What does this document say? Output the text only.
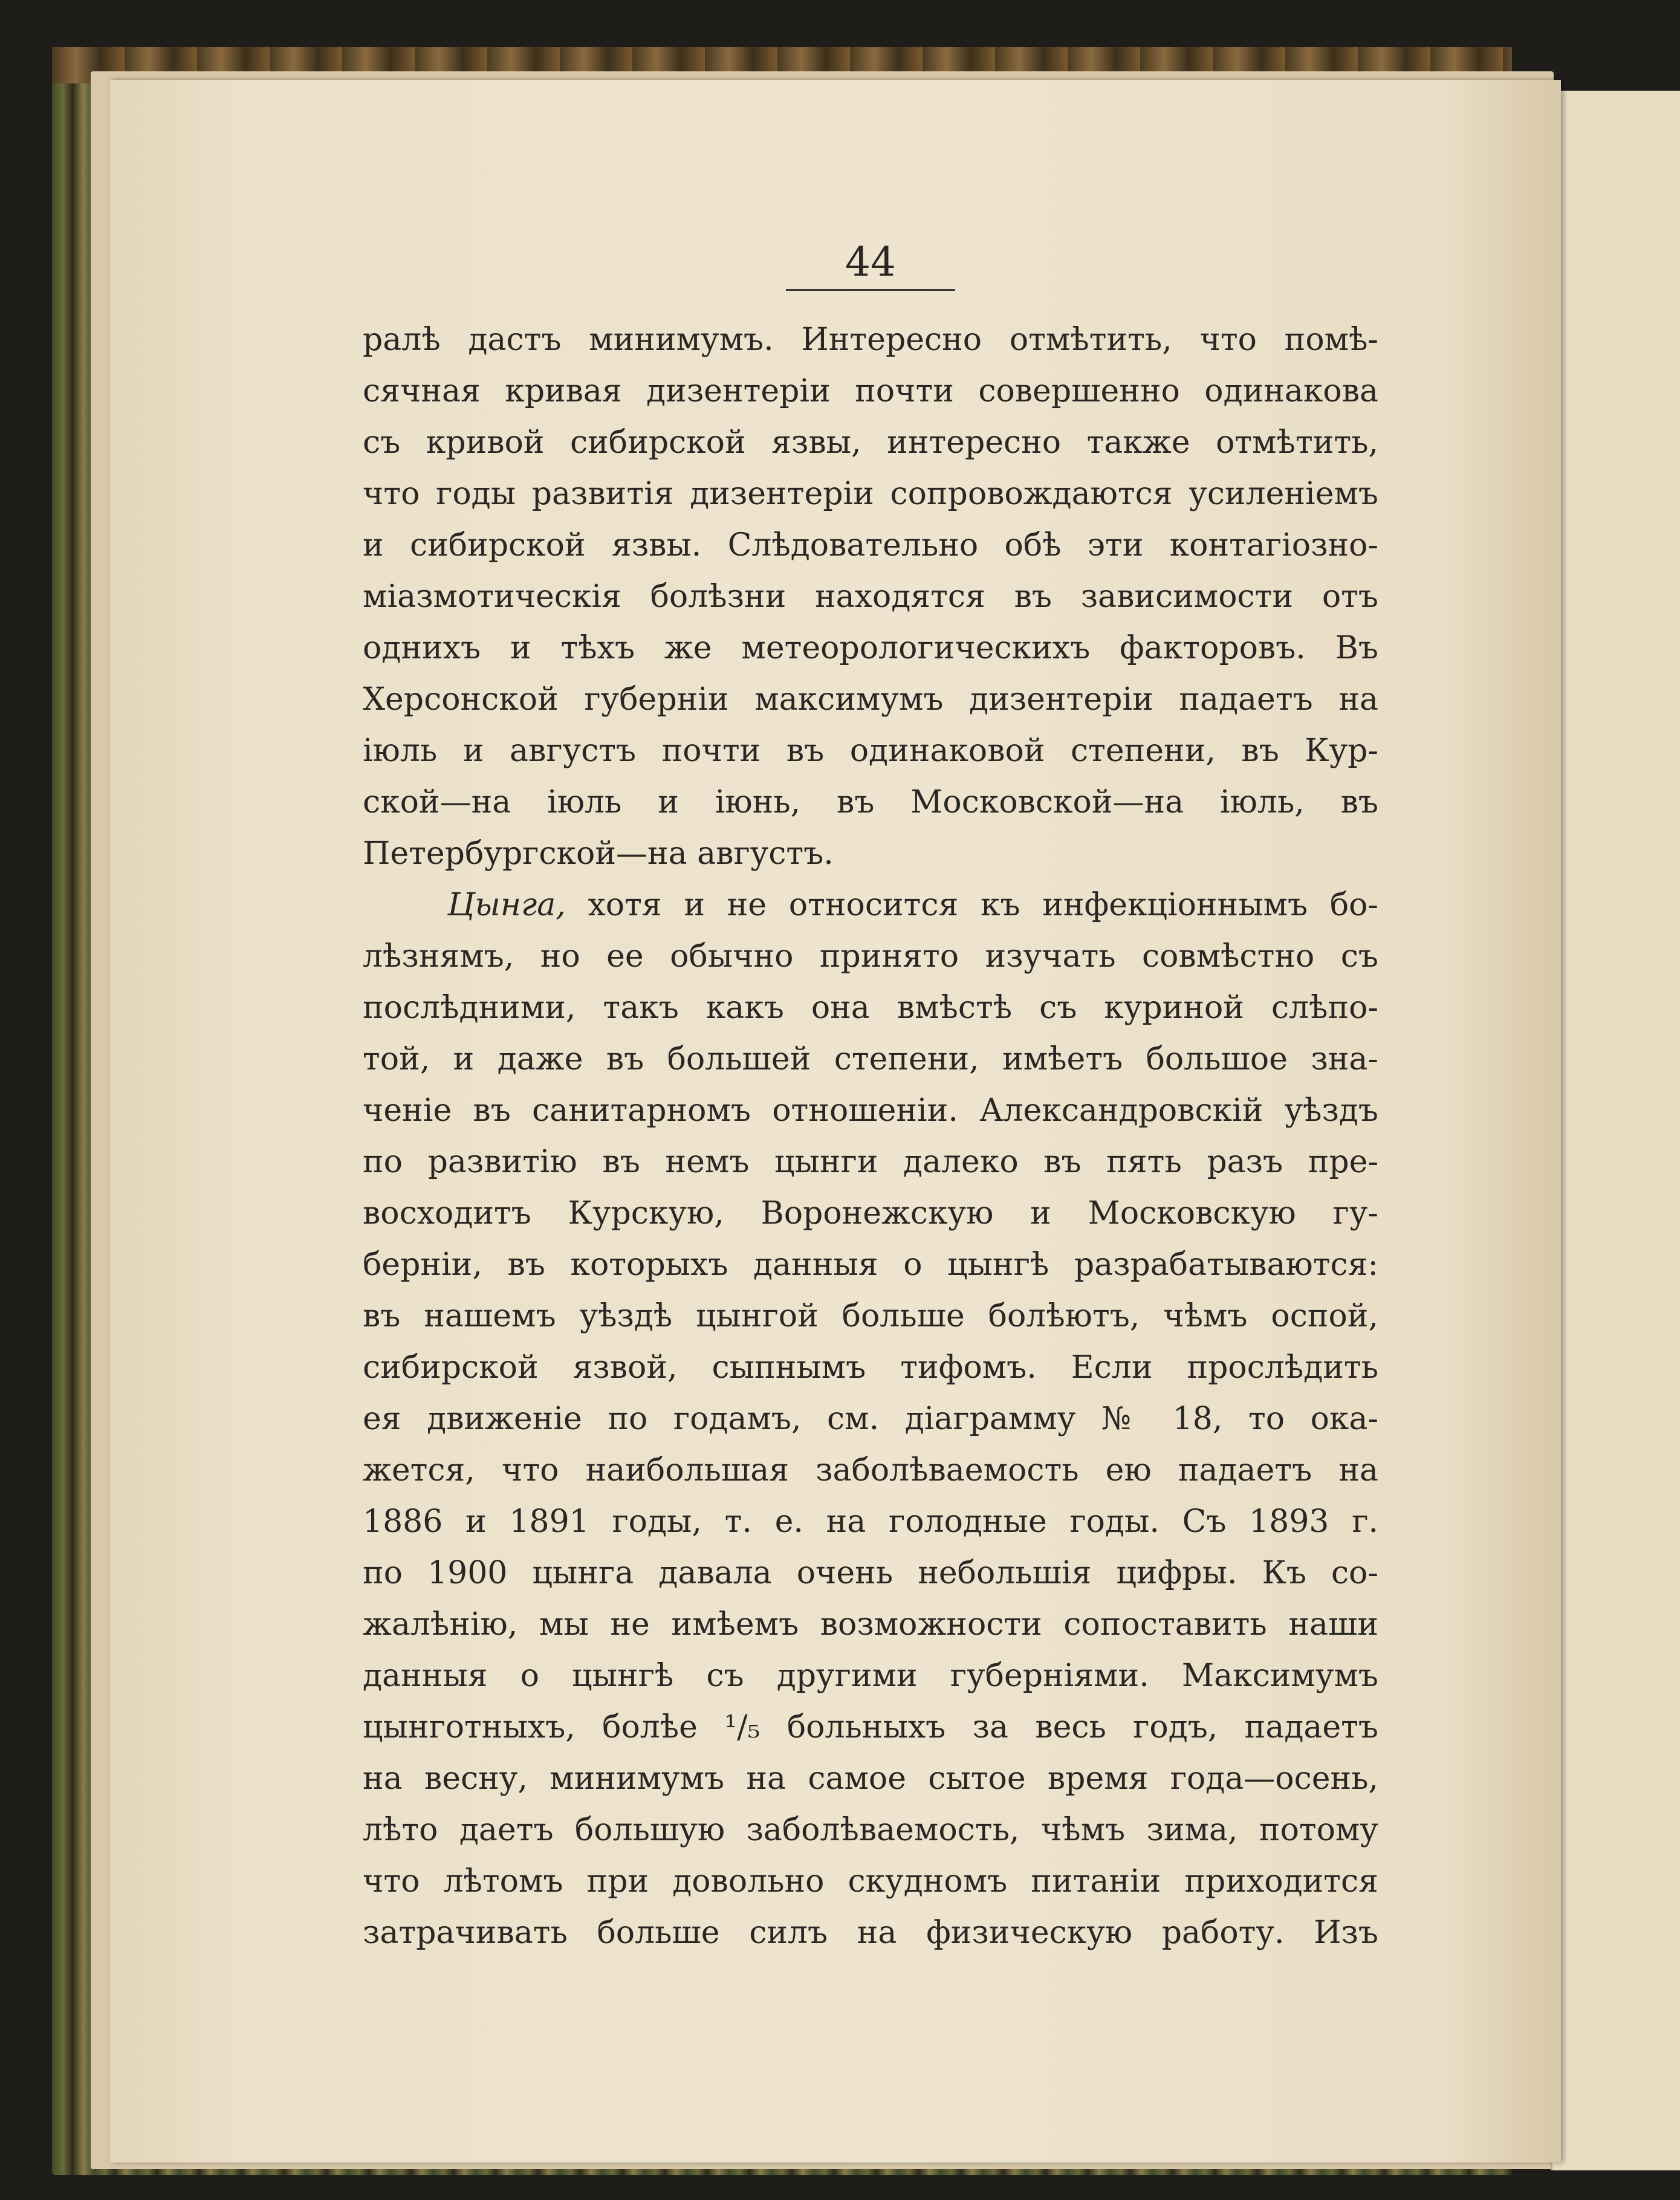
44
ралѣ дастъ минимумъ. Интересно отмѣтить, что помѣ-
сячная кривая дизентерiи почти совершенно одинакова
съ кривой сибирской язвы, интересно также отмѣтить,
что годы развитiя дизентерiи сопровождаются усиленiемъ
и сибирской язвы. Слѣдовательно обѣ эти контагiозно-
мiазмотическiя болѣзни находятся въ зависимости отъ
однихъ и тѣхъ же метеорологическихъ факторовъ. Въ
Херсонской губернiи максимумъ дизентерiи падаетъ на
iюль и августъ почти въ одинаковой степени, въ Кур-
ской—на iюль и iюнь, въ Московской—на iюль, въ
Петербургской—на августъ.
Цынга, хотя и не относится къ инфекцiоннымъ бо-
лѣзнямъ, но ее обычно принято изучать совмѣстно съ
послѣдними, такъ какъ она вмѣстѣ съ куриной слѣпо-
той, и даже въ большей степени, имѣетъ большое зна-
ченiе въ санитарномъ отношенiи. Александровскiй уѣздъ
по развитiю въ немъ цынги далеко въ пять разъ пре-
восходитъ Курскую, Воронежскую и Московскую гу-
бернiи, въ которыхъ данныя о цынгѣ разрабатываются:
въ нашемъ уѣздѣ цынгой больше болѣютъ, чѣмъ оспой,
сибирской язвой, сыпнымъ тифомъ. Если прослѣдить
ея движенiе по годамъ, см. дiаграмму № 18, то ока-
жется, что наибольшая заболѣваемость ею падаетъ на
1886 и 1891 годы, т. е. на голодные годы. Съ 1893 г.
по 1900 цынга давала очень небольшiя цифры. Къ со-
жалѣнiю, мы не имѣемъ возможности сопоставить наши
данныя о цынгѣ съ другими губернiями. Максимумъ
цынготныхъ, болѣе ¹/₅ больныхъ за весь годъ, падаетъ
на весну, минимумъ на самое сытое время года—осень,
лѣто даетъ большую заболѣваемость, чѣмъ зима, потому
что лѣтомъ при довольно скудномъ питанiи приходится
затрачивать больше силъ на физическую работу. Изъ
